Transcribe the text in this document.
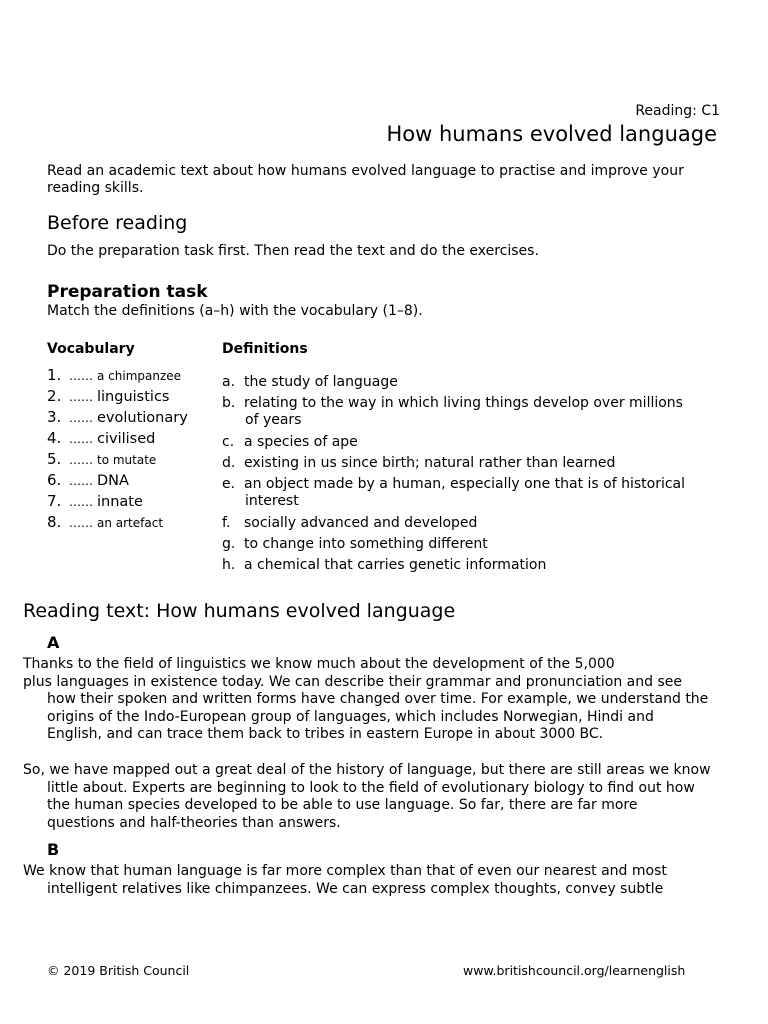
Reading: C1
How humans evolved language
Read an academic text about how humans evolved language to practise and improve your reading skills.
Before reading
Do the preparation task first. Then read the text and do the exercises.
Preparation task
Match the definitions (a–h) with the vocabulary (1–8).
Vocabulary	Definitions
1. …… a chimpanzee
2. …… linguistics
3. …… evolutionary
4. …… civilised
5. …… to mutate
6. …… DNA
7. …… innate
8. …… an artefact
a. the study of language
b. relating to the way in which living things develop over millions
of years
c. a species of ape
d. existing in us since birth; natural rather than learned
e. an object made by a human, especially one that is of historical
interest
f. socially advanced and developed
g. to change into something different
h. a chemical that carries genetic information
Reading text: How humans evolved language
A
Thanks to the field of linguistics we know much about the development of the 5,000
plus languages in existence today. We can describe their grammar and pronunciation and see
how their spoken and written forms have changed over time. For example, we understand the
origins of the Indo-European group of languages, which includes Norwegian, Hindi and
English, and can trace them back to tribes in eastern Europe in about 3000 BC.
So, we have mapped out a great deal of the history of language, but there are still areas we know
little about. Experts are beginning to look to the field of evolutionary biology to find out how
the human species developed to be able to use language. So far, there are far more
questions and half-theories than answers.
B
We know that human language is far more complex than that of even our nearest and most
intelligent relatives like chimpanzees. We can express complex thoughts, convey subtle
© 2019 British Council	www.britishcouncil.org/learnenglish
